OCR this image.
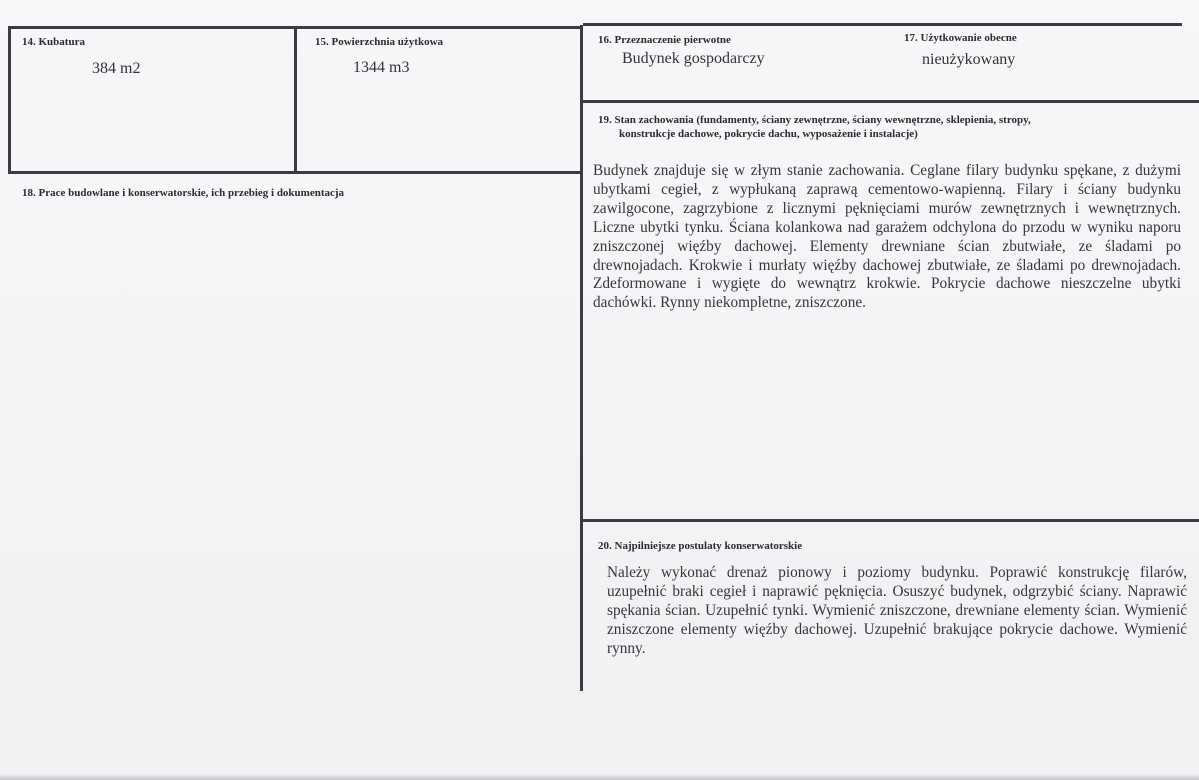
14. Kubatura
384 m2
15. Powierzchnia użytkowa
1344 m3
16. Przeznaczenie pierwotne
Budynek gospodarczy
17. Użytkowanie obecne
nieużykowany
18. Prace budowlane i konserwatorskie, ich przebieg i dokumentacja
19. Stan zachowania (fundamenty, ściany zewnętrzne, ściany wewnętrzne, sklepienia, stropy,
konstrukcje dachowe, pokrycie dachu, wyposażenie i instalacje)
Budynek znajduje się w złym stanie zachowania. Ceglane filary budynku spękane, z dużymi ubytkami cegieł, z wypłukaną zaprawą cementowo-wapienną. Filary i ściany budynku zawilgocone, zagrzybione z licznymi pęknięciami murów zewnętrznych i wewnętrznych. Liczne ubytki tynku. Ściana kolankowa nad garażem odchylona do przodu w wyniku naporu zniszczonej więźby dachowej. Elementy drewniane ścian zbutwiałe, ze śladami po drewnojadach. Krokwie i murłaty więźby dachowej zbutwiałe, ze śladami po drewnojadach. Zdeformowane i wygięte do wewnątrz krokwie. Pokrycie dachowe nieszczelne ubytki dachówki. Rynny niekompletne, zniszczone.
20. Najpilniejsze postulaty konserwatorskie
Należy wykonać drenaż pionowy i poziomy budynku. Poprawić konstrukcję filarów, uzupełnić braki cegieł i naprawić pęknięcia. Osuszyć budynek, odgrzybić ściany. Naprawić spękania ścian. Uzupełnić tynki. Wymienić zniszczone, drewniane elementy ścian. Wymienić zniszczone elementy więźby dachowej. Uzupełnić brakujące pokrycie dachowe. Wymienić rynny.
